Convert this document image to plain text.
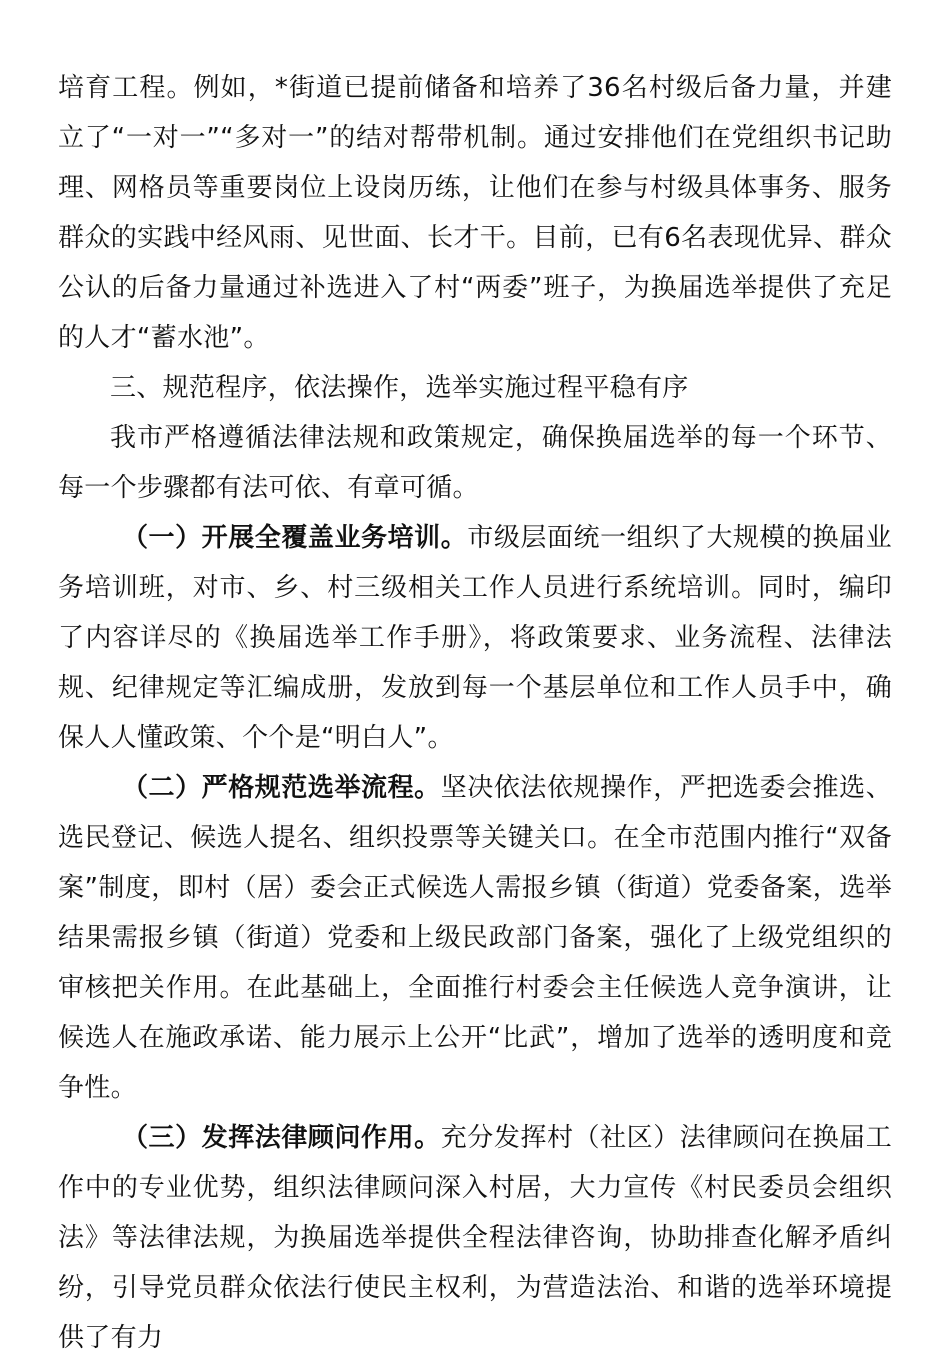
培育工程。例如，*街道已提前储备和培养了36名村级后备力量，并建立了“一对一”“多对一”的结对帮带机制。通过安排他们在党组织书记助理、网格员等重要岗位上设岗历练，让他们在参与村级具体事务、服务群众的实践中经风雨、见世面、长才干。目前，已有6名表现优异、群众公认的后备力量通过补选进入了村“两委”班子，为换届选举提供了充足的人才“蓄水池”。

三、规范程序，依法操作，选举实施过程平稳有序

我市严格遵循法律法规和政策规定，确保换届选举的每一个环节、每一个步骤都有法可依、有章可循。

（一）开展全覆盖业务培训。市级层面统一组织了大规模的换届业务培训班，对市、乡、村三级相关工作人员进行系统培训。同时，编印了内容详尽的《换届选举工作手册》，将政策要求、业务流程、法律法规、纪律规定等汇编成册，发放到每一个基层单位和工作人员手中，确保人人懂政策、个个是“明白人”。

（二）严格规范选举流程。坚决依法依规操作，严把选委会推选、选民登记、候选人提名、组织投票等关键关口。在全市范围内推行“双备案”制度，即村（居）委会正式候选人需报乡镇（街道）党委备案，选举结果需报乡镇（街道）党委和上级民政部门备案，强化了上级党组织的审核把关作用。在此基础上，全面推行村委会主任候选人竞争演讲，让候选人在施政承诺、能力展示上公开“比武”，增加了选举的透明度和竞争性。

（三）发挥法律顾问作用。充分发挥村（社区）法律顾问在换届工作中的专业优势，组织法律顾问深入村居，大力宣传《村民委员会组织法》等法律法规，为换届选举提供全程法律咨询，协助排查化解矛盾纠纷，引导党员群众依法行使民主权利，为营造法治、和谐的选举环境提供了有力
